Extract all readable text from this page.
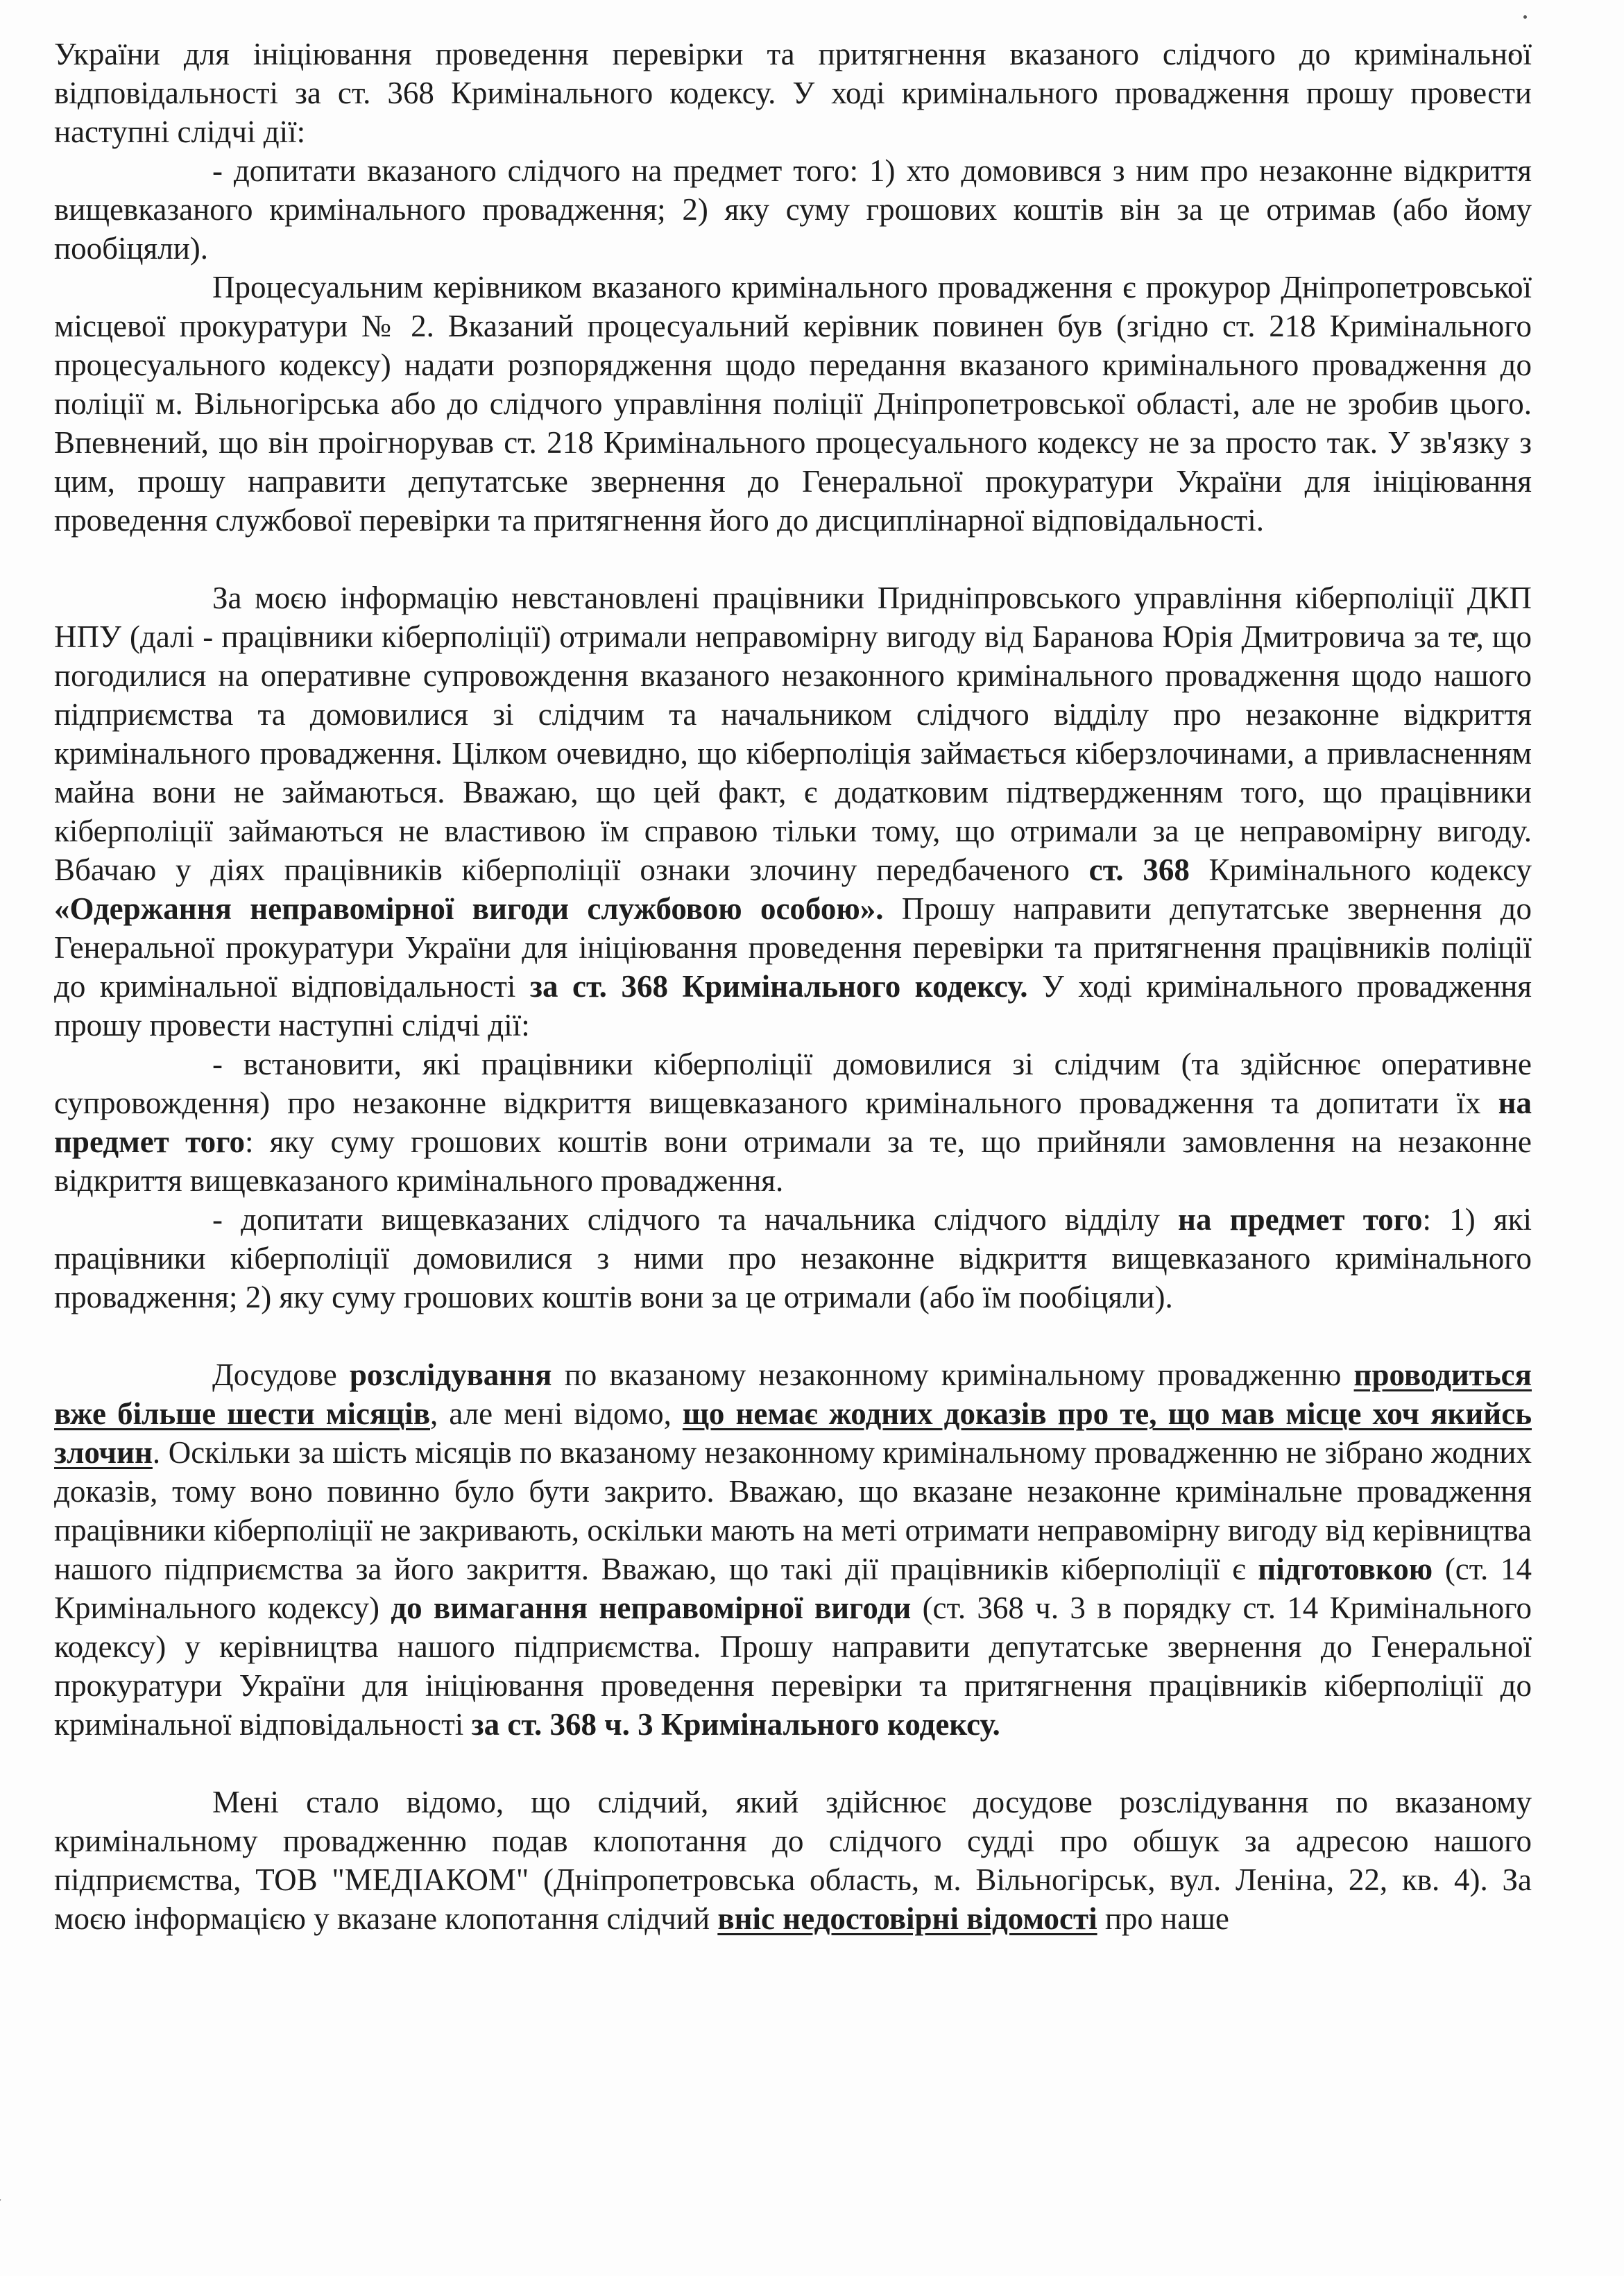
України для ініціювання проведення перевірки та притягнення вказаного слідчого до кримінальної відповідальності за ст. 368 Кримінального кодексу. У ході кримінального провадження прошу провести наступні слідчі дії:

- допитати вказаного слідчого на предмет того: 1) хто домовився з ним про незаконне відкриття вищевказаного кримінального провадження; 2) яку суму грошових коштів він за це отримав (або йому пообіцяли).

Процесуальним керівником вказаного кримінального провадження є прокурор Дніпропетровської місцевої прокуратури № 2. Вказаний процесуальний керівник повинен був (згідно ст. 218 Кримінального процесуального кодексу) надати розпорядження щодо передання вказаного кримінального провадження до поліції м. Вільногірська або до слідчого управління поліції Дніпропетровської області, але не зробив цього. Впевнений, що він проігнорував ст. 218 Кримінального процесуального кодексу не за просто так. У зв'язку з цим, прошу направити депутатське звернення до Генеральної прокуратури України для ініціювання проведення службової перевірки та притягнення його до дисциплінарної відповідальності.

За моєю інформацію невстановлені працівники Придніпровського управління кіберполіції ДКП НПУ (далі - працівники кіберполіції) отримали неправомірну вигоду від Баранова Юрія Дмитровича за те, що погодилися на оперативне супровождення вказаного незаконного кримінального провадження щодо нашого підприємства та домовилися зі слідчим та начальником слідчого відділу про незаконне відкриття кримінального провадження. Цілком очевидно, що кіберполіція займається кіберзлочинами, а привласненням майна вони не займаються. Вважаю, що цей факт, є додатковим підтвердженням того, що працівники кіберполіції займаються не властивою їм справою тільки тому, що отримали за це неправомірну вигоду. Вбачаю у діях працівників кіберполіції ознаки злочину передбаченого ст. 368 Кримінального кодексу «Одержання неправомірної вигоди службовою особою». Прошу направити депутатське звернення до Генеральної прокуратури України для ініціювання проведення перевірки та притягнення працівників поліції до кримінальної відповідальності за ст. 368 Кримінального кодексу. У ході кримінального провадження прошу провести наступні слідчі дії:

- встановити, які працівники кіберполіції домовилися зі слідчим (та здійснює оперативне супровождення) про незаконне відкриття вищевказаного кримінального провадження та допитати їх на предмет того: яку суму грошових коштів вони отримали за те, що прийняли замовлення на незаконне відкриття вищевказаного кримінального провадження.

- допитати вищевказаних слідчого та начальника слідчого відділу на предмет того: 1) які працівники кіберполіції домовилися з ними про незаконне відкриття вищевказаного кримінального провадження; 2) яку суму грошових коштів вони за це отримали (або їм пообіцяли).

Досудове розслідування по вказаному незаконному кримінальному провадженню проводиться вже більше шести місяців, але мені відомо, що немає жодних доказів про те, що мав місце хоч якийсь злочин. Оскільки за шість місяців по вказаному незаконному кримінальному провадженню не зібрано жодних доказів, тому воно повинно було бути закрито. Вважаю, що вказане незаконне кримінальне провадження працівники кіберполіції не закривають, оскільки мають на меті отримати неправомірну вигоду від керівництва нашого підприємства за його закриття. Вважаю, що такі дії працівників кіберполіції є підготовкою (ст. 14 Кримінального кодексу) до вимагання неправомірної вигоди (ст. 368 ч. 3 в порядку ст. 14 Кримінального кодексу) у керівництва нашого підприємства. Прошу направити депутатське звернення до Генеральної прокуратури України для ініціювання проведення перевірки та притягнення працівників кіберполіції до кримінальної відповідальності за ст. 368 ч. 3 Кримінального кодексу.

Мені стало відомо, що слідчий, який здійснює досудове розслідування по вказаному кримінальному провадженню подав клопотання до слідчого судді про обшук за адресою нашого підприємства, ТОВ "МЕДІАКОМ" (Дніпропетровська область, м. Вільногірськ, вул. Леніна, 22, кв. 4). За моєю інформацією у вказане клопотання слідчий вніс недостовірні відомості про наше
